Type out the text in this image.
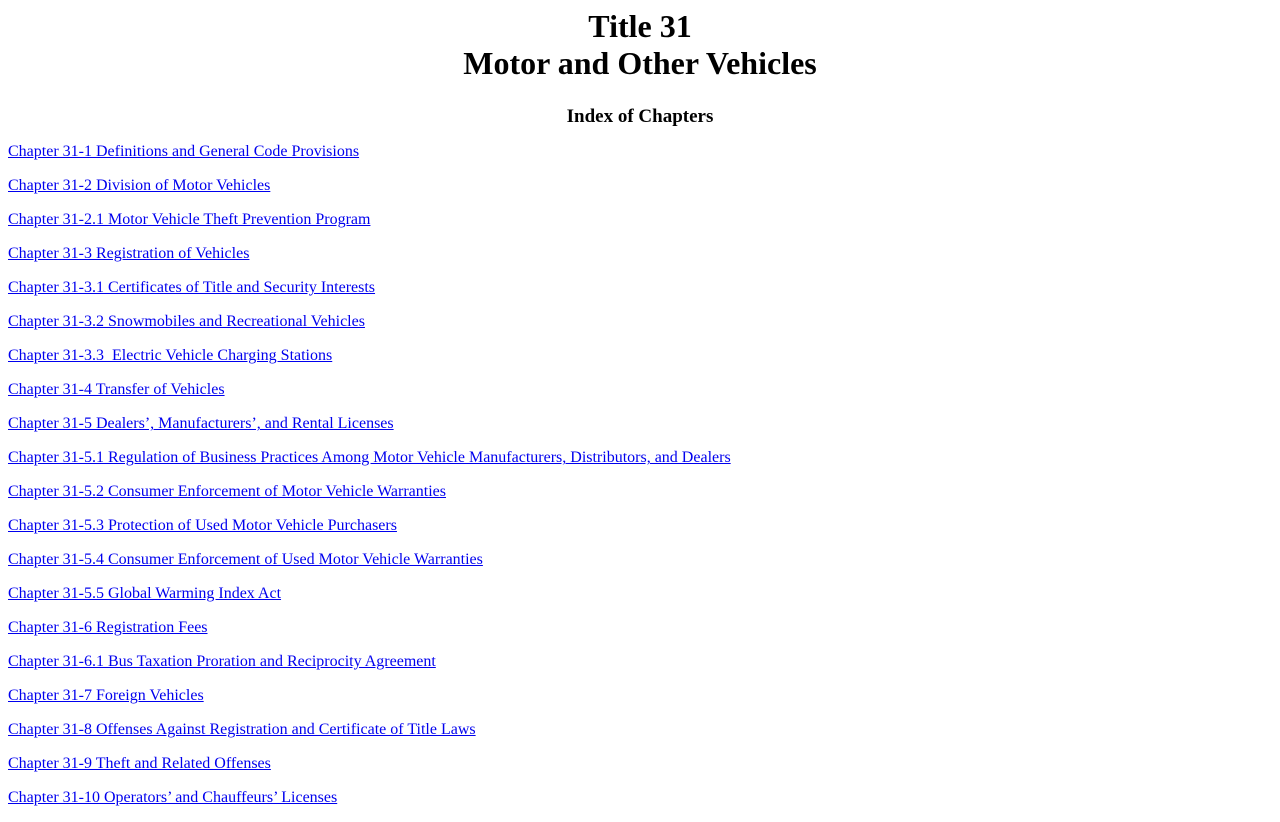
Title 31
Motor and Other Vehicles
Index of Chapters

Chapter 31-1 Definitions and General Code Provisions

Chapter 31-2 Division of Motor Vehicles

Chapter 31-2.1 Motor Vehicle Theft Prevention Program

Chapter 31-3 Registration of Vehicles

Chapter 31-3.1 Certificates of Title and Security Interests

Chapter 31-3.2 Snowmobiles and Recreational Vehicles

Chapter 31-3.3  Electric Vehicle Charging Stations

Chapter 31-4 Transfer of Vehicles

Chapter 31-5 Dealers’, Manufacturers’, and Rental Licenses

Chapter 31-5.1 Regulation of Business Practices Among Motor Vehicle Manufacturers, Distributors, and Dealers

Chapter 31-5.2 Consumer Enforcement of Motor Vehicle Warranties

Chapter 31-5.3 Protection of Used Motor Vehicle Purchasers

Chapter 31-5.4 Consumer Enforcement of Used Motor Vehicle Warranties

Chapter 31-5.5 Global Warming Index Act

Chapter 31-6 Registration Fees

Chapter 31-6.1 Bus Taxation Proration and Reciprocity Agreement

Chapter 31-7 Foreign Vehicles

Chapter 31-8 Offenses Against Registration and Certificate of Title Laws

Chapter 31-9 Theft and Related Offenses

Chapter 31-10 Operators’ and Chauffeurs’ Licenses
